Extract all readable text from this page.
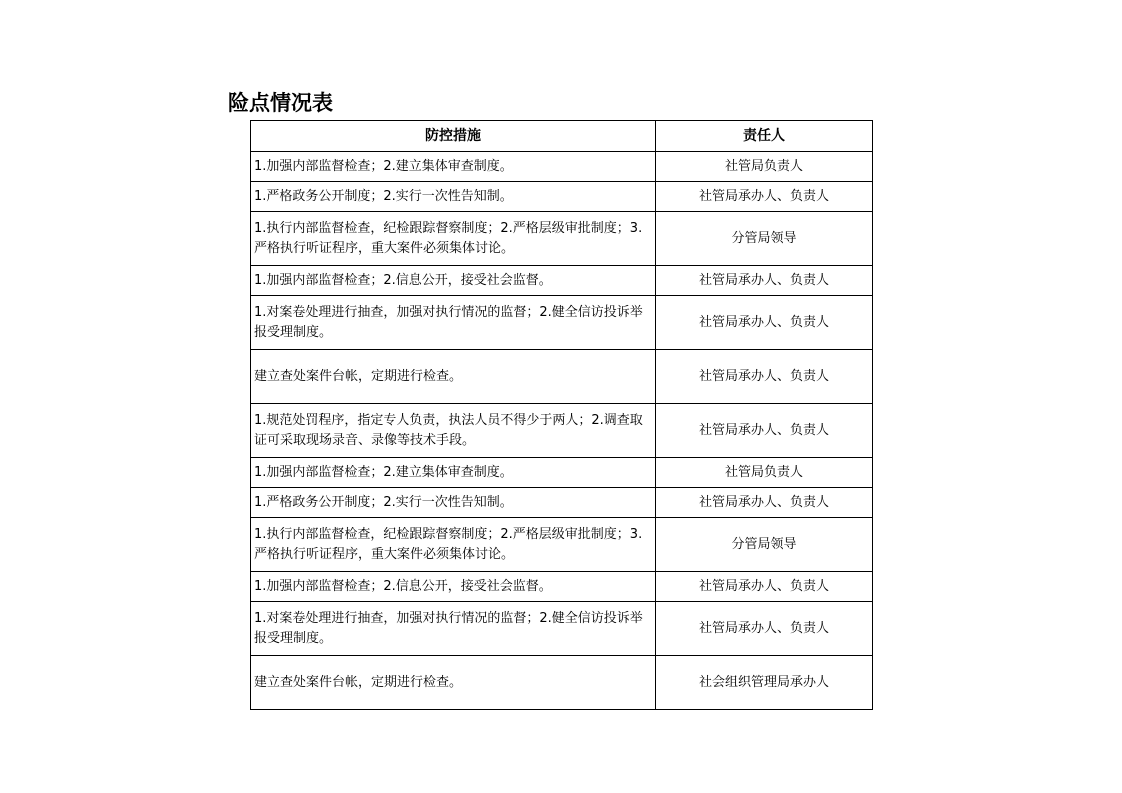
险点情况表
防控措施	责任人
1.加强内部监督检查；2.建立集体审查制度。	社管局负责人
1.严格政务公开制度；2.实行一次性告知制。	社管局承办人、负责人
1.执行内部监督检查，纪检跟踪督察制度；2.严格层级审批制度；3.严格执行听证程序，重大案件必须集体讨论。	分管局领导
1.加强内部监督检查；2.信息公开，接受社会监督。	社管局承办人、负责人
1.对案卷处理进行抽查，加强对执行情况的监督；2.健全信访投诉举报受理制度。	社管局承办人、负责人
建立查处案件台帐，定期进行检查。	社管局承办人、负责人
1.规范处罚程序，指定专人负责，执法人员不得少于两人；2.调查取证可采取现场录音、录像等技术手段。	社管局承办人、负责人
1.加强内部监督检查；2.建立集体审查制度。	社管局负责人
1.严格政务公开制度；2.实行一次性告知制。	社管局承办人、负责人
1.执行内部监督检查，纪检跟踪督察制度；2.严格层级审批制度；3.严格执行听证程序，重大案件必须集体讨论。	分管局领导
1.加强内部监督检查；2.信息公开，接受社会监督。	社管局承办人、负责人
1.对案卷处理进行抽查，加强对执行情况的监督；2.健全信访投诉举报受理制度。	社管局承办人、负责人
建立查处案件台帐，定期进行检查。	社会组织管理局承办人
